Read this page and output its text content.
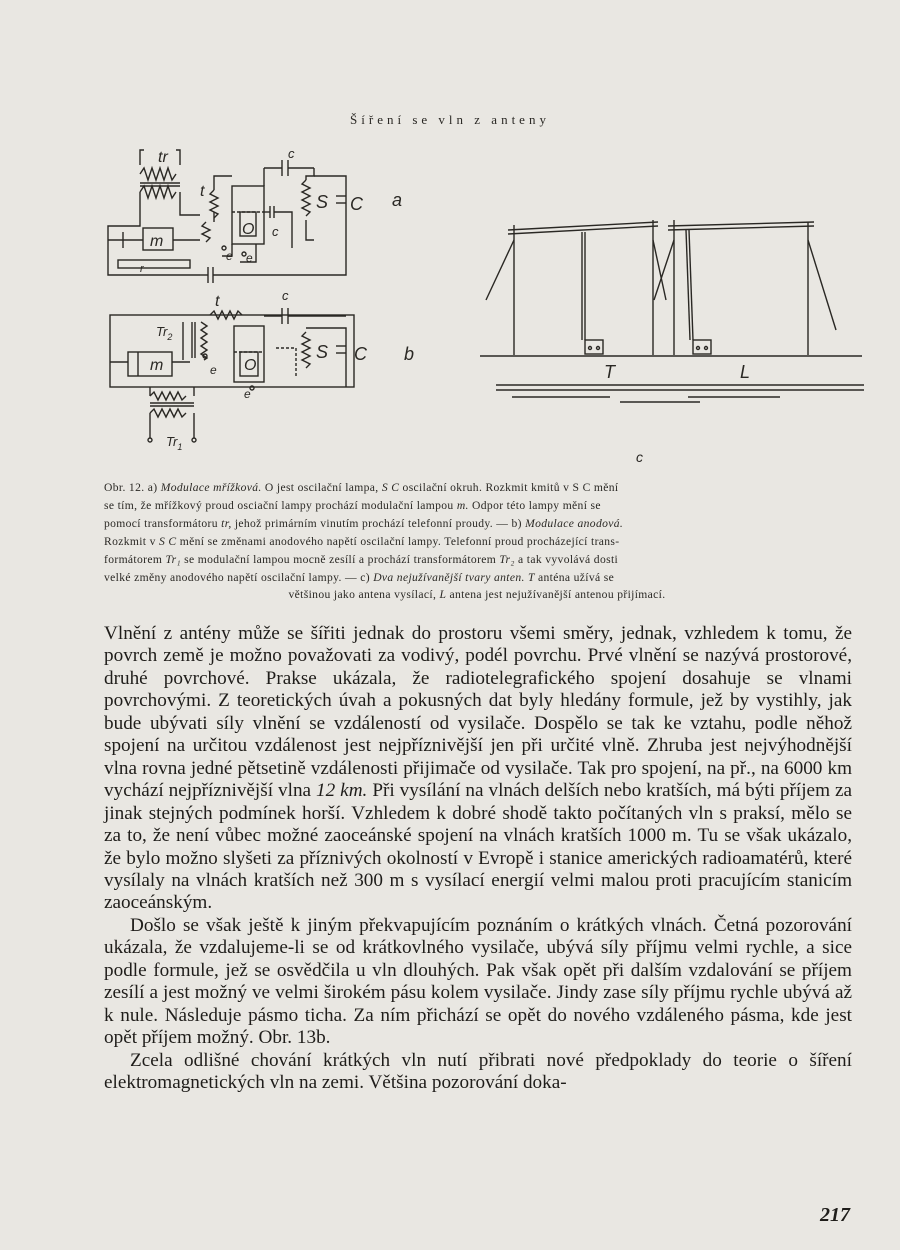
Šíření se vln z anteny
tr	c
t
m
O c
S C a
e e
r
t	c
$Tr_2$
m	O
S C b
e
e
$Tr_1$
T	L
c

Obr. 12. a) Modulace mřížková. O jest oscilační lampa, S C oscilační okruh. Rozkmit kmitů v S C mění

se tím, že mřížkový proud osciační lampy prochází modulační lampou m. Odpor této lampy mění se

pomocí transformátoru tr, jehož primárním vinutím prochází telefonní proudy. — b) Modulace anodová.

Rozkmit v S C mění se změnami anodového napětí oscilační lampy. Telefonní proud procházející trans-

formátorem Tr₁ se modulační lampou mocně zesílí a prochází transformátorem Tr₂ a tak vyvolává dosti

velké změny anodového napětí oscilační lampy. — c) Dva nejužívanější tvary anten. T anténa užívá se

většinou jako antena vysílací, L antena jest nejužívanější antenou přijímací.

Vlnění z antény může se šířiti jednak do prostoru všemi směry, jednak, vzhledem k tomu, že povrch země je možno považovati za vodivý, podél povrchu. Prvé vlnění se nazývá prostorové, druhé povrchové. Prakse ukázala, že radiotelegrafického spojení dosahuje se vlnami povrchovými. Z teoretických úvah a pokusných dat byly hledány formule, jež by vystihly, jak bude ubývati síly vlnění se vzdáleností od vysilače. Dospělo se tak ke vztahu, podle něhož spojení na určitou vzdálenost jest nejpříznivější jen při určité vlně. Zhruba jest nejvýhodnější vlna rovna jedné pětsetině vzdálenosti přijimače od vysilače. Tak pro spojení, na př., na 6000 km vychází nejpříznivější vlna 12 km. Při vysílání na vlnách delších nebo kratších, má býti příjem za jinak stejných podmínek horší. Vzhledem k dobré shodě takto počítaných vln s praksí, mělo se za to, že není vůbec možné zaoceánské spojení na vlnách kratších 1000 m. Tu se však ukázalo, že bylo možno slyšeti za příznivých okolností v Evropě i stanice amerických radioamatérů, které vysílaly na vlnách kratších než 300 m s vysílací energií velmi malou proti pracujícím stanicím zaoceánským.

Došlo se však ještě k jiným překvapujícím poznáním o krátkých vlnách. Četná pozorování ukázala, že vzdalujeme-li se od krátkovlného vysilače, ubývá síly příjmu velmi rychle, a sice podle formule, jež se osvědčila u vln dlouhých. Pak však opět při dalším vzdalování se příjem zesílí a jest možný ve velmi širokém pásu kolem vysilače. Jindy zase síly příjmu rychle ubývá až k nule. Následuje pásmo ticha. Za ním přichází se opět do nového vzdáleného pásma, kde jest opět příjem možný. Obr. 13b.

Zcela odlišné chování krátkých vln nutí přibrati nové předpoklady do teorie o šíření elektromagnetických vln na zemi. Většina pozorování doka-

217
